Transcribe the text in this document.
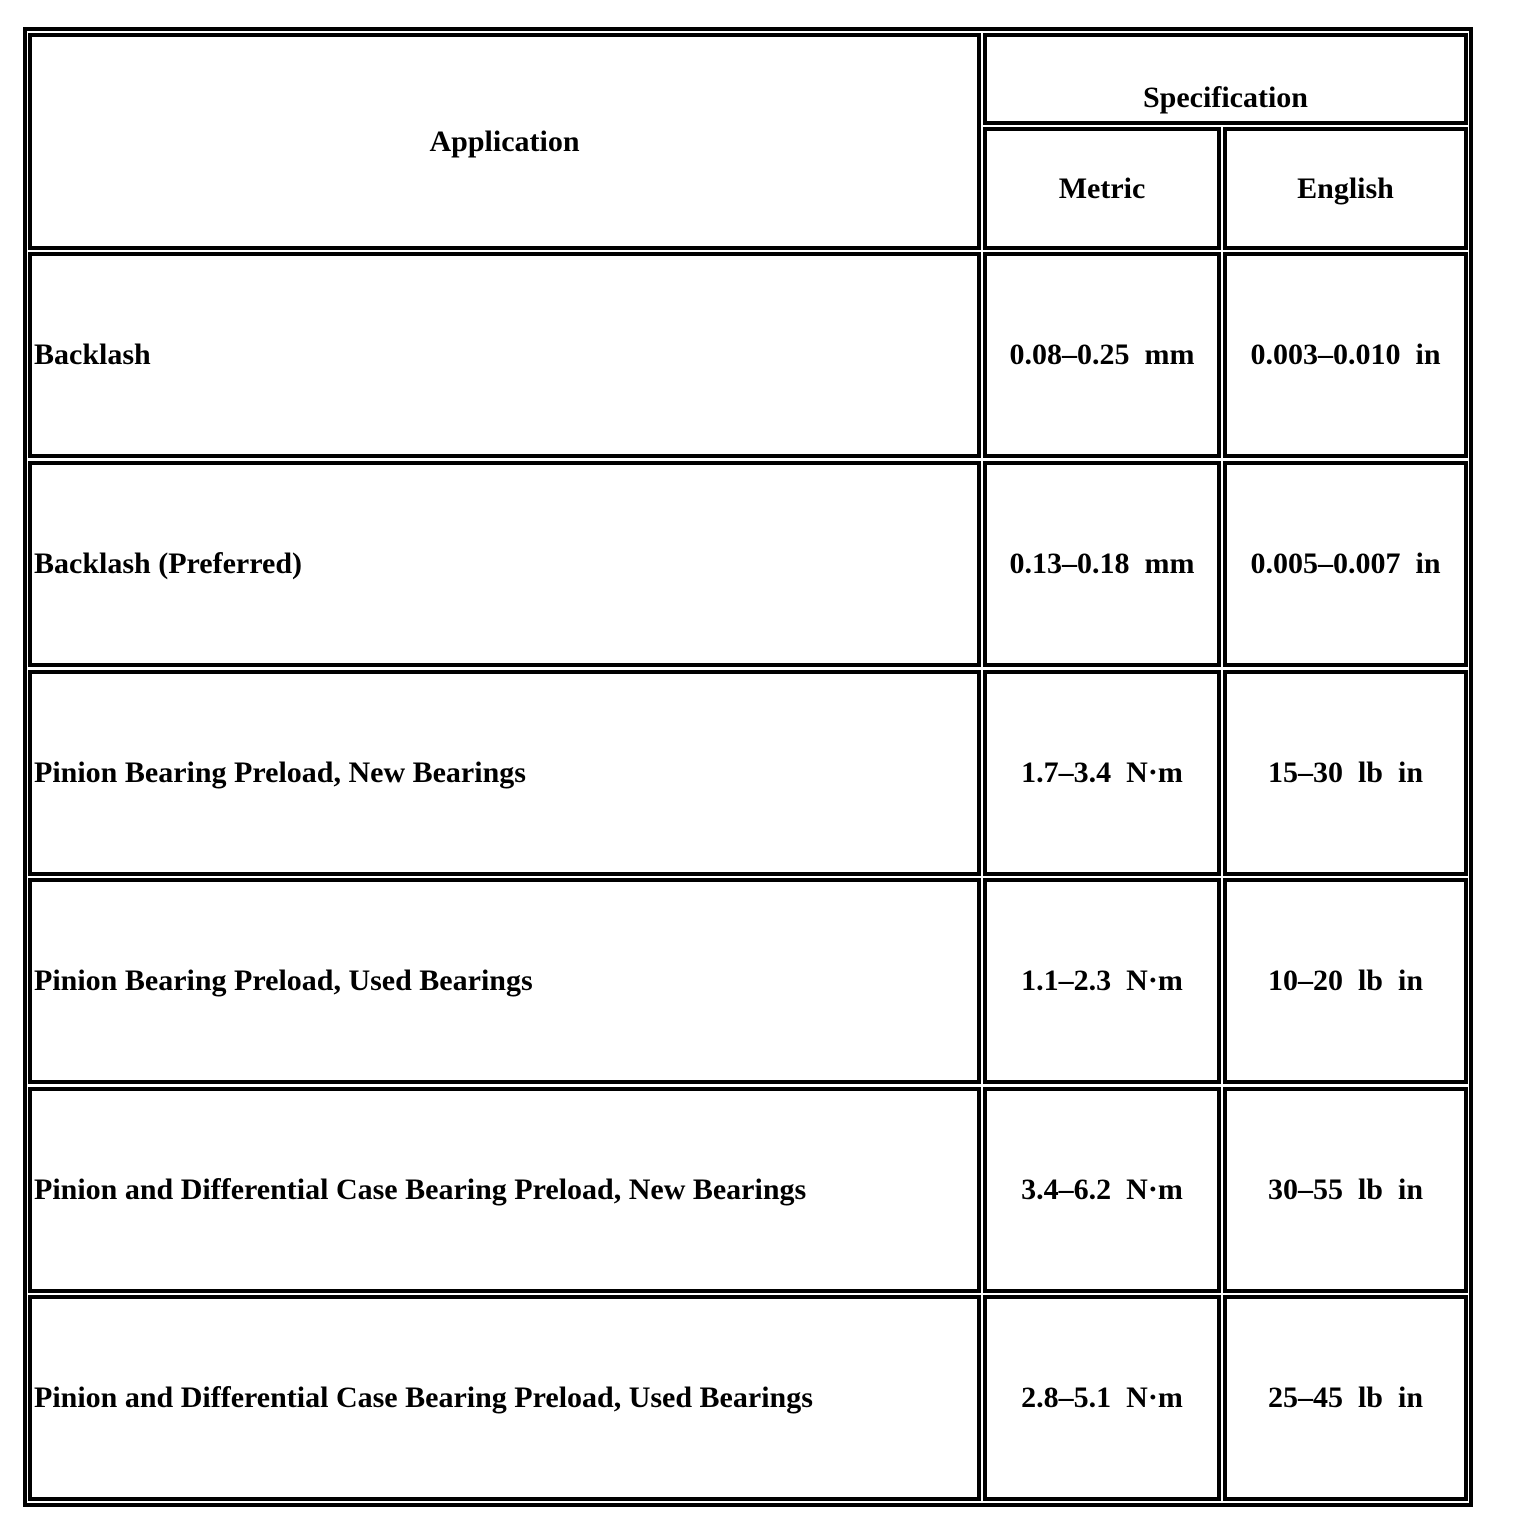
Application
Specification
Metric	English
Backlash	0.08–0.25  mm	0.003–0.010  in
Backlash (Preferred)	0.13–0.18  mm	0.005–0.007  in
Pinion Bearing Preload, New Bearings	1.7–3.4  N·m	15–30  lb  in
Pinion Bearing Preload, Used Bearings	1.1–2.3  N·m	10–20  lb  in
Pinion and Differential Case Bearing Preload, New Bearings	3.4–6.2  N·m	30–55  lb  in
Pinion and Differential Case Bearing Preload, Used Bearings	2.8–5.1  N·m	25–45  lb  in
